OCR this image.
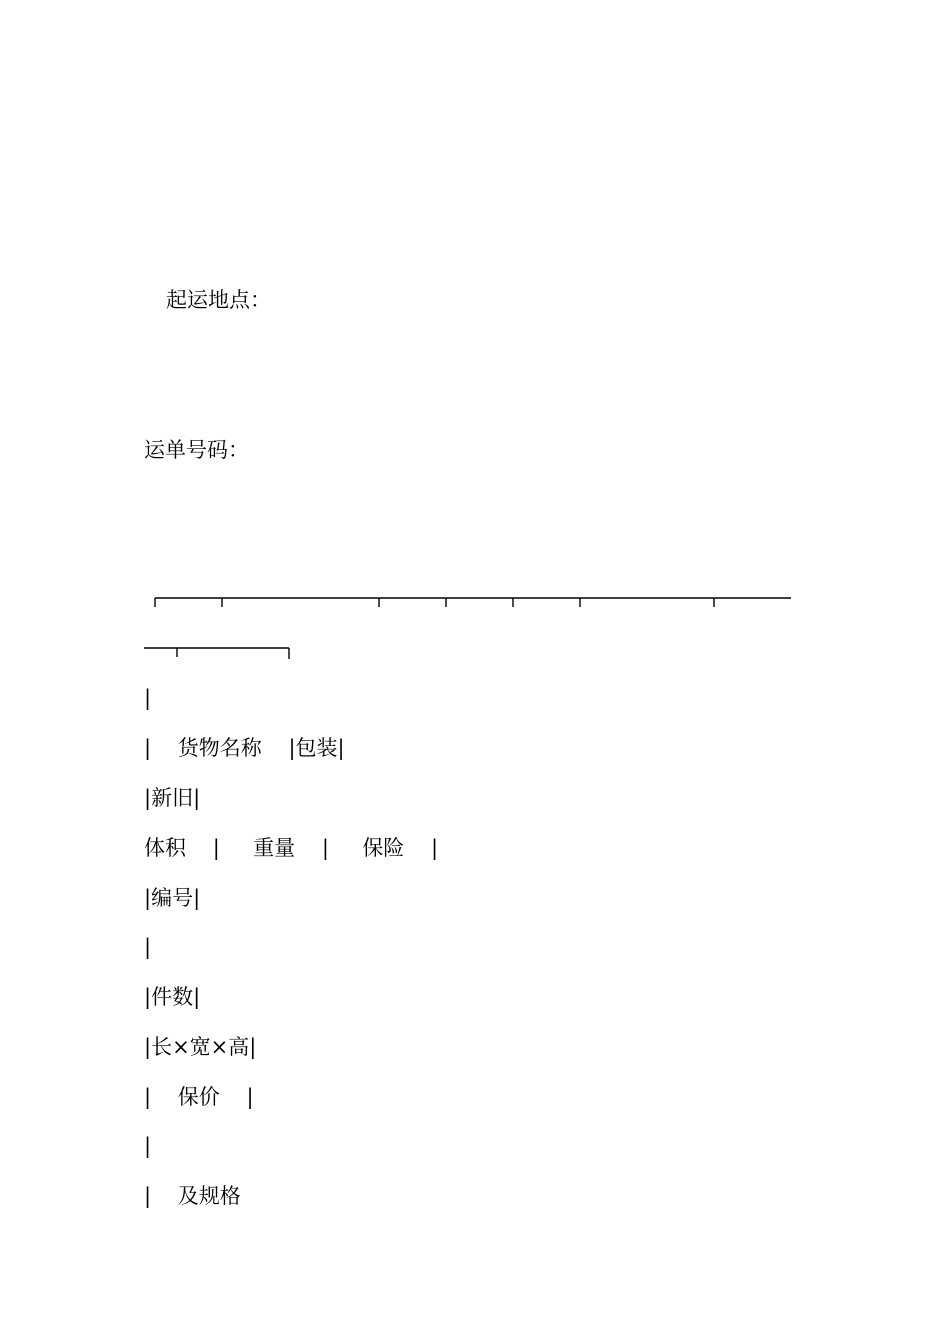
起运地点：
运单号码：
|
|    货物名称    |包装|
|新旧|
体积    |     重量    |     保险    |
|编号|
|
|件数|
|长×宽×高|
|    保价    |
|
|    及规格
